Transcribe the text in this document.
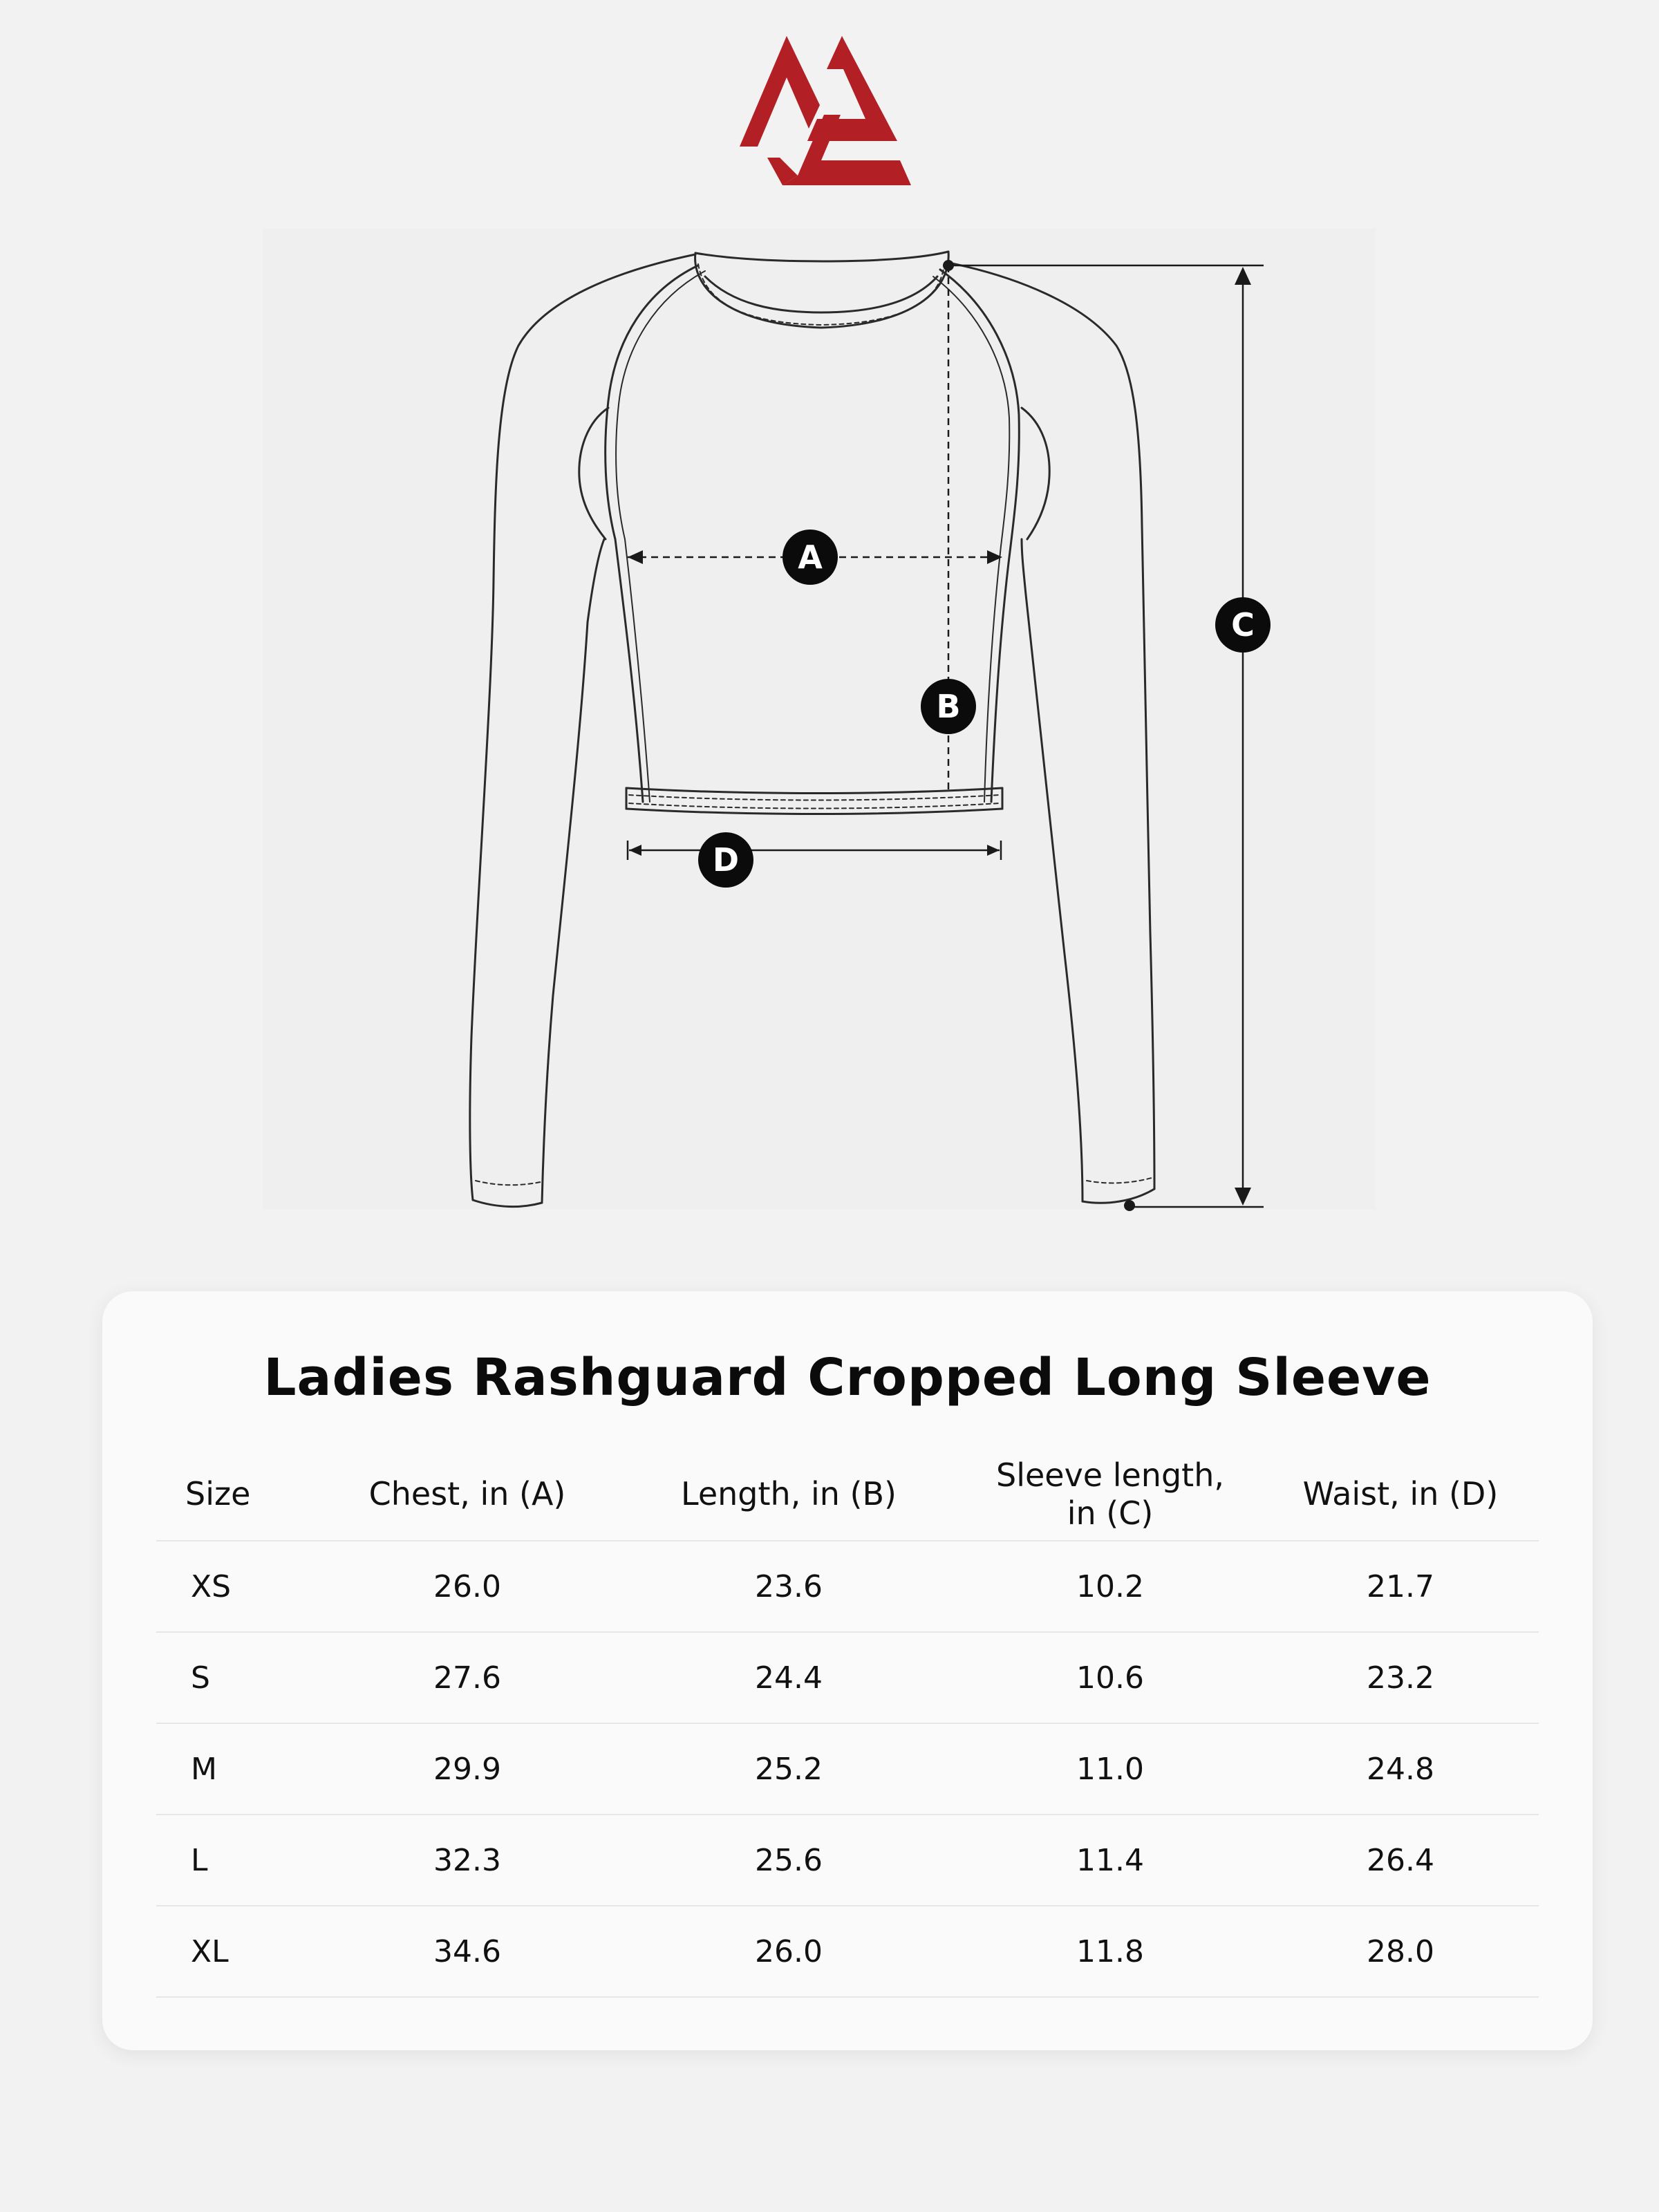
A
B
C
D
Ladies Rashguard Cropped Long Sleeve
Size	Chest, in (A)	Length, in (B)	Sleeve length,
in (C)	Waist, in (D)
XS	26.0	23.6	10.2	21.7
S	27.6	24.4	10.6	23.2
M	29.9	25.2	11.0	24.8
L	32.3	25.6	11.4	26.4
XL	34.6	26.0	11.8	28.0
